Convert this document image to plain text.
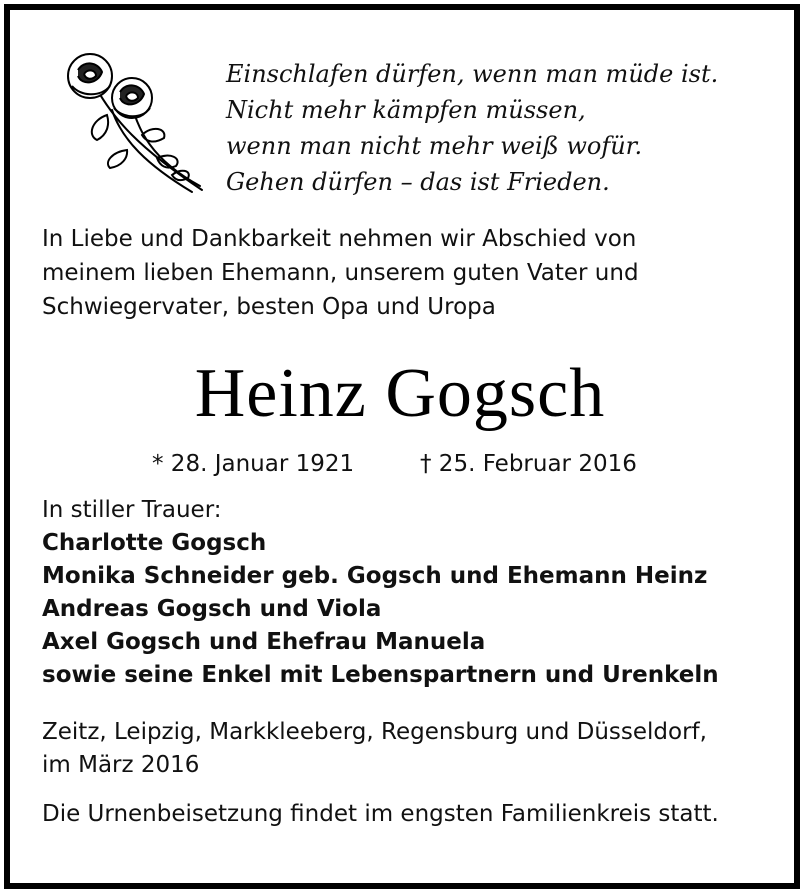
Einschlafen dürfen, wenn man müde ist.
Nicht mehr kämpfen müssen,
wenn man nicht mehr weiß wofür.
Gehen dürfen – das ist Frieden.
In Liebe und Dankbarkeit nehmen wir Abschied von
meinem lieben Ehemann, unserem guten Vater und
Schwiegervater, besten Opa und Uropa
Heinz Gogsch
* 28. Januar 1921	† 25. Februar 2016
In stiller Trauer:
Charlotte Gogsch
Monika Schneider geb. Gogsch und Ehemann Heinz
Andreas Gogsch und Viola
Axel Gogsch und Ehefrau Manuela
sowie seine Enkel mit Lebenspartnern und Urenkeln
Zeitz, Leipzig, Markkleeberg, Regensburg und Düsseldorf,
im März 2016
Die Urnenbeisetzung findet im engsten Familienkreis statt.
